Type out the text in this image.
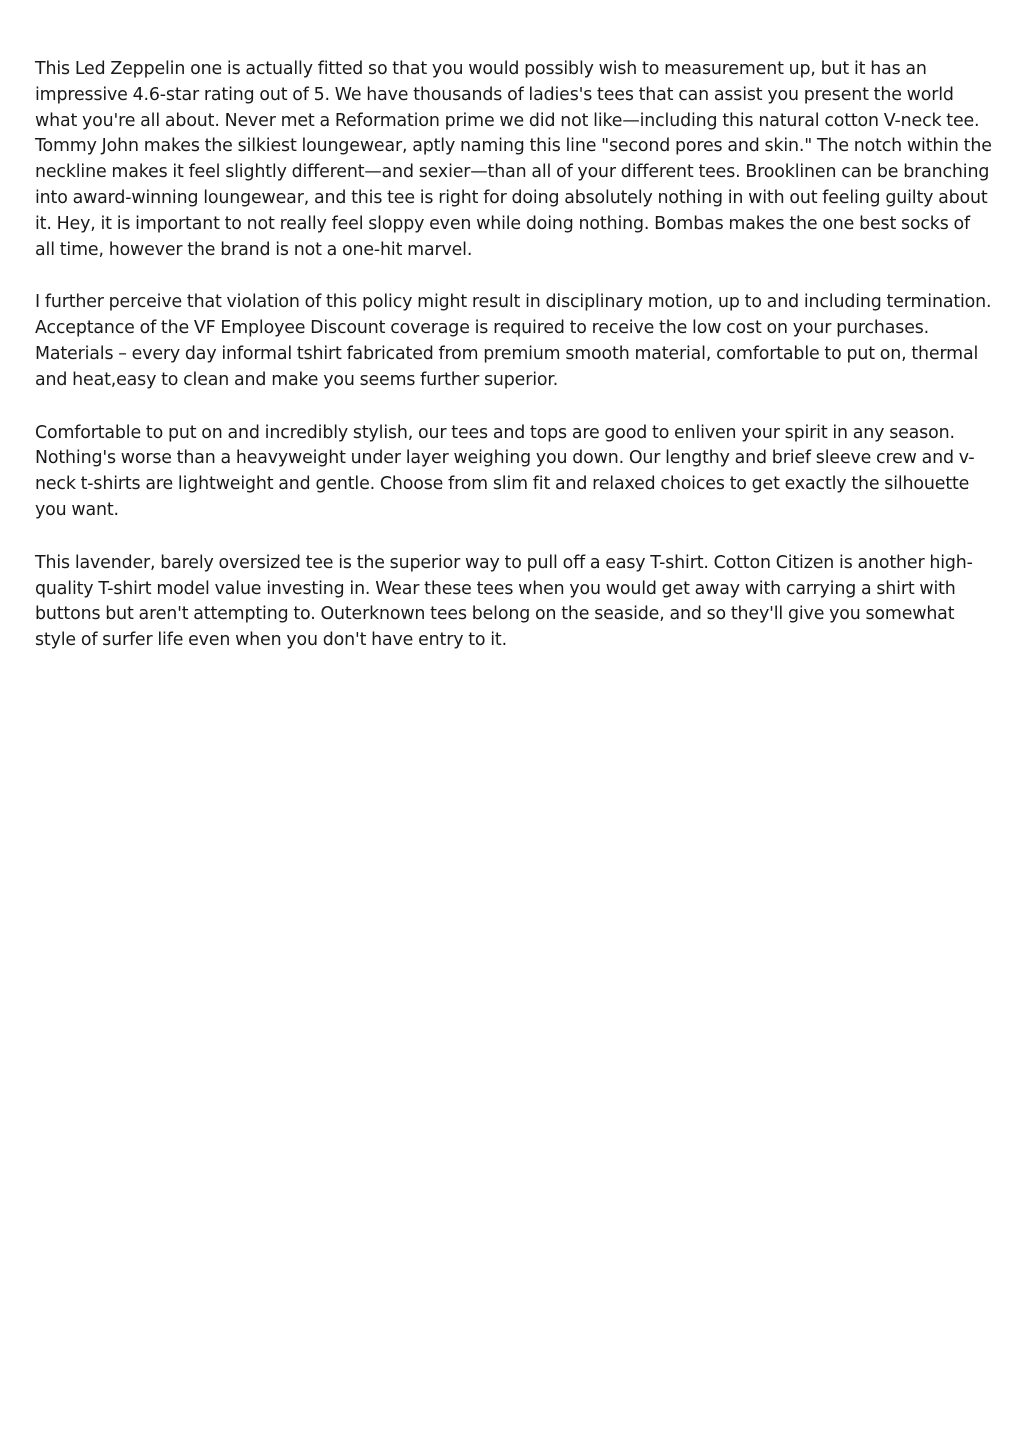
This Led Zeppelin one is actually fitted so that you would possibly wish to measurement up, but it has an impressive 4.6-star rating out of 5. We have thousands of ladies's tees that can assist you present the world what you're all about. Never met a Reformation prime we did not like—including this natural cotton V-neck tee. Tommy John makes the silkiest loungewear, aptly naming this line "second pores and skin." The notch within the neckline makes it feel slightly different—and sexier—than all of your different tees. Brooklinen can be branching into award-winning loungewear, and this tee is right for doing absolutely nothing in with out feeling guilty about it. Hey, it is important to not really feel sloppy even while doing nothing. Bombas makes the one best socks of all time, however the brand is not a one-hit marvel.

I further perceive that violation of this policy might result in disciplinary motion, up to and including termination. Acceptance of the VF Employee Discount coverage is required to receive the low cost on your purchases. Materials – every day informal tshirt fabricated from premium smooth material, comfortable to put on, thermal and heat,easy to clean and make you seems further superior.

Comfortable to put on and incredibly stylish, our tees and tops are good to enliven your spirit in any season. Nothing's worse than a heavyweight under layer weighing you down. Our lengthy and brief sleeve crew and v-neck t-shirts are lightweight and gentle. Choose from slim fit and relaxed choices to get exactly the silhouette you want.

This lavender, barely oversized tee is the superior way to pull off a easy T-shirt. Cotton Citizen is another high-quality T-shirt model value investing in. Wear these tees when you would get away with carrying a shirt with buttons but aren't attempting to. Outerknown tees belong on the seaside, and so they'll give you somewhat style of surfer life even when you don't have entry to it.
